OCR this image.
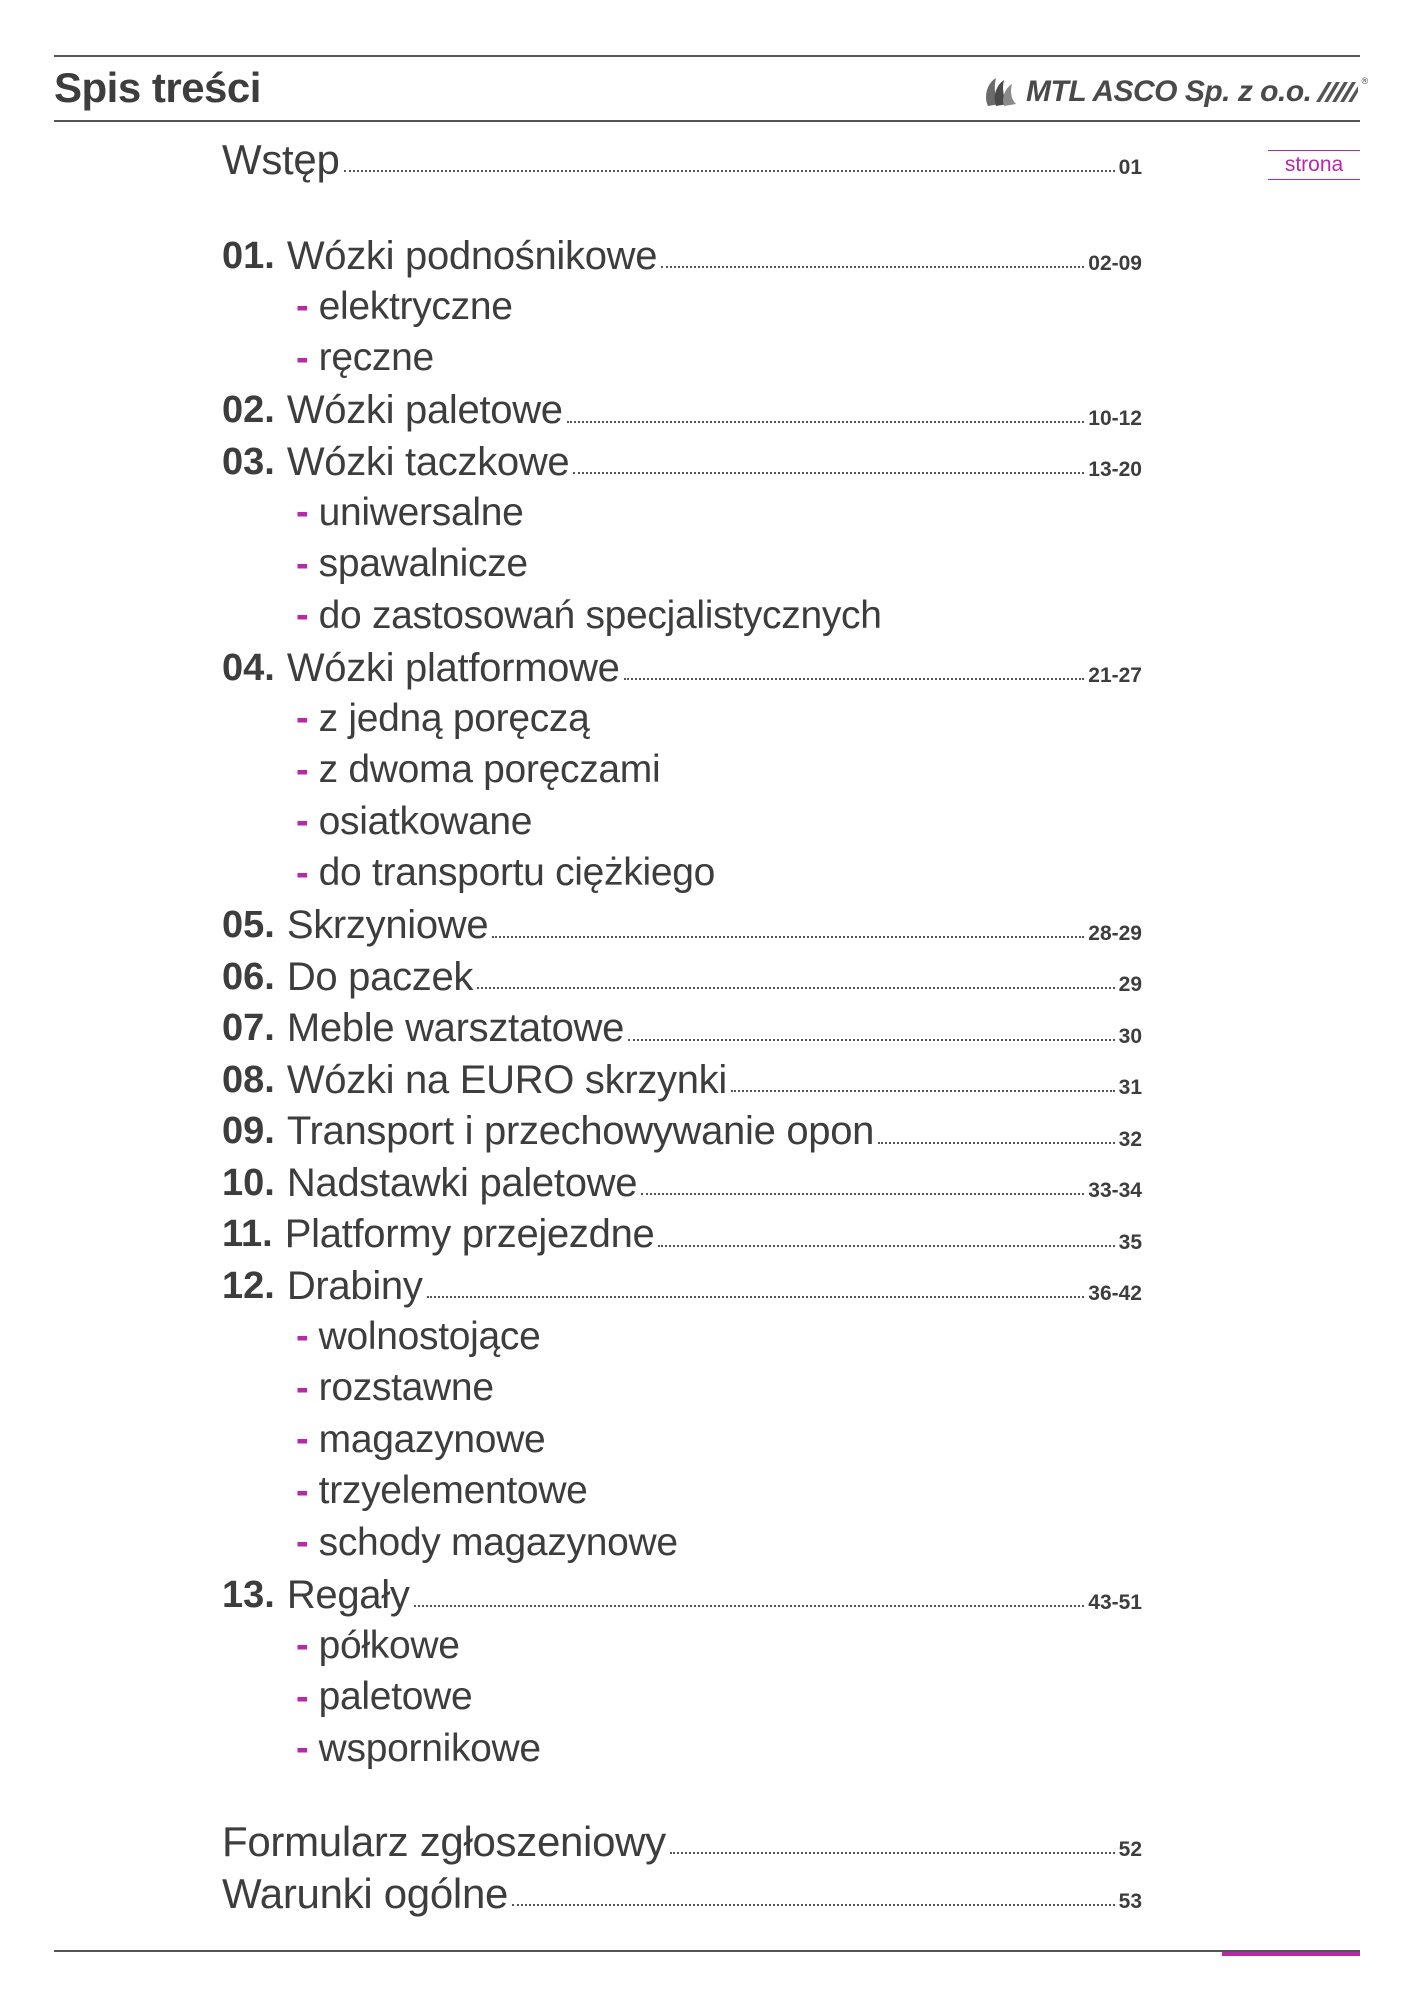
Spis treści	MTL ASCO Sp. z o.o.	®
strona
Wstęp	01
01. Wózki podnośnikowe	02-09
- elektryczne
- ręczne
02. Wózki paletowe	10-12
03. Wózki taczkowe	13-20
- uniwersalne
- spawalnicze
- do zastosowań specjalistycznych
04. Wózki platformowe	21-27
- z jedną poręczą
- z dwoma poręczami
- osiatkowane
- do transportu ciężkiego
05. Skrzyniowe	28-29
06. Do paczek	29
07. Meble warsztatowe	30
08. Wózki na EURO skrzynki	31
09. Transport i przechowywanie opon	32
10. Nadstawki paletowe	33-34
11. Platformy przejezdne	35
12. Drabiny	36-42
- wolnostojące
- rozstawne
- magazynowe
- trzyelementowe
- schody magazynowe
13. Regały	43-51
- półkowe
- paletowe
- wspornikowe
Formularz zgłoszeniowy	52
Warunki ogólne	53
